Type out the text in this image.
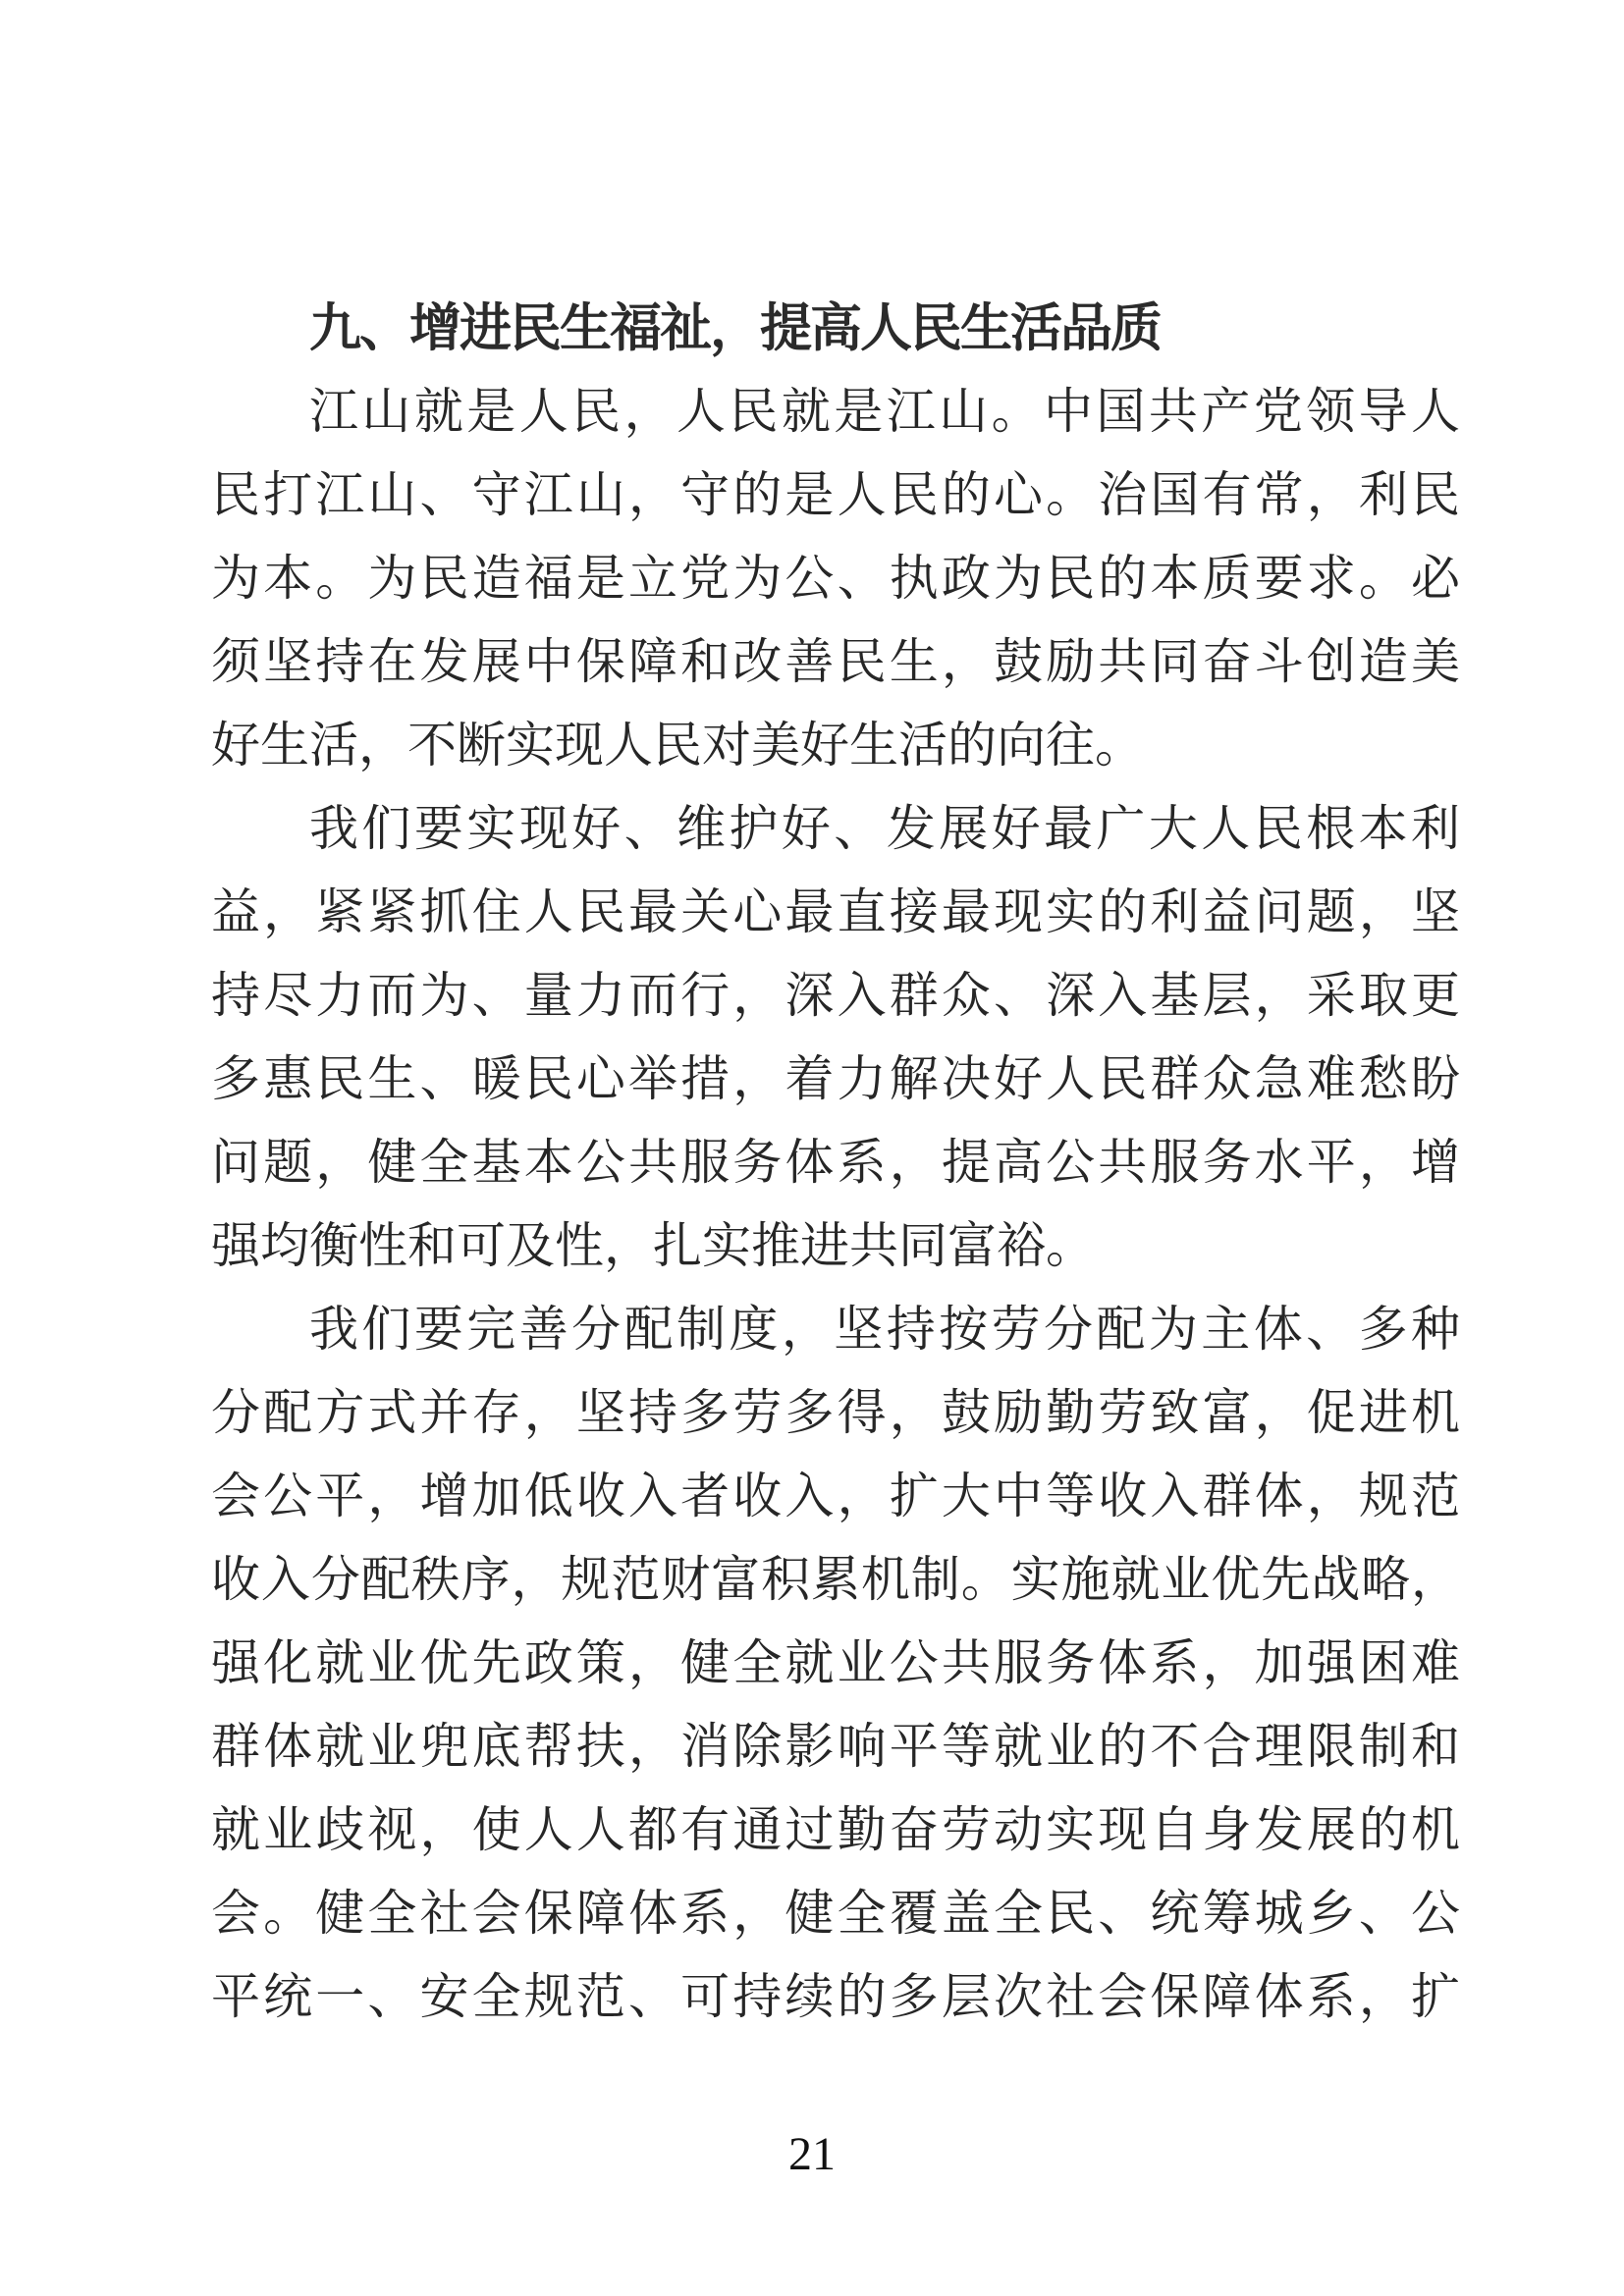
九、增进民生福祉，提高人民生活品质
江山就是人民，人民就是江山。中国共产党领导人
民打江山、守江山，守的是人民的心。治国有常，利民
为本。为民造福是立党为公、执政为民的本质要求。必
须坚持在发展中保障和改善民生，鼓励共同奋斗创造美
好生活，不断实现人民对美好生活的向往。
我们要实现好、维护好、发展好最广大人民根本利
益，紧紧抓住人民最关心最直接最现实的利益问题，坚
持尽力而为、量力而行，深入群众、深入基层，采取更
多惠民生、暖民心举措，着力解决好人民群众急难愁盼
问题，健全基本公共服务体系，提高公共服务水平，增
强均衡性和可及性，扎实推进共同富裕。
我们要完善分配制度，坚持按劳分配为主体、多种
分配方式并存，坚持多劳多得，鼓励勤劳致富，促进机
会公平，增加低收入者收入，扩大中等收入群体，规范
收入分配秩序，规范财富积累机制。实施就业优先战略，
强化就业优先政策，健全就业公共服务体系，加强困难
群体就业兜底帮扶，消除影响平等就业的不合理限制和
就业歧视，使人人都有通过勤奋劳动实现自身发展的机
会。健全社会保障体系，健全覆盖全民、统筹城乡、公
平统一、安全规范、可持续的多层次社会保障体系，扩
21
